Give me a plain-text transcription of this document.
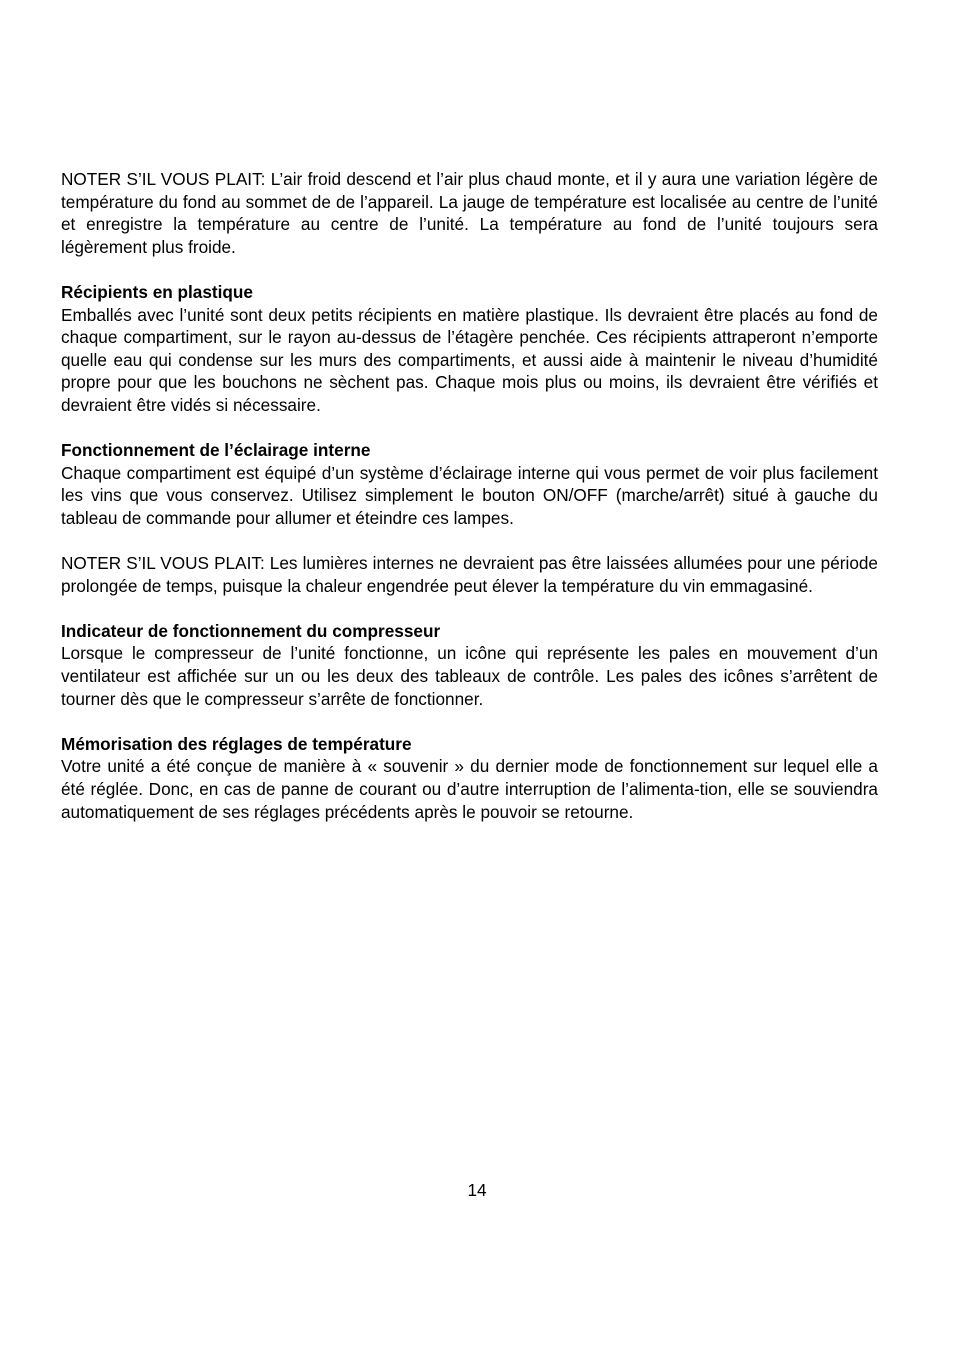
NOTER S’IL VOUS PLAIT: L’air froid descend et l’air plus chaud monte, et il y aura une variation légère de température du fond au sommet de de l’appareil. La jauge de température est localisée au centre de l’unité et enregistre la température au centre de l’unité. La température au fond de l’unité toujours sera légèrement plus froide.

Récipients en plastique

Emballés avec l’unité sont deux petits récipients en matière plastique. Ils devraient être placés au fond de chaque compartiment, sur le rayon au-dessus de l’étagère penchée. Ces récipients attraperont n’emporte quelle eau qui condense sur les murs des compartiments, et aussi aide à maintenir le niveau d’humidité propre pour que les bouchons ne sèchent pas. Chaque mois plus ou moins, ils devraient être vérifiés et devraient être vidés si nécessaire.

Fonctionnement de l’éclairage interne

Chaque compartiment est équipé d’un système d’éclairage interne qui vous permet de voir plus facilement les vins que vous conservez. Utilisez simplement le bouton ON/OFF (marche/arrêt) situé à gauche du tableau de commande pour allumer et éteindre ces lampes.

NOTER S’IL VOUS PLAIT: Les lumières internes ne devraient pas être laissées allumées pour une période prolongée de temps, puisque la chaleur engendrée peut élever la température du vin emmagasiné.

Indicateur de fonctionnement du compresseur

Lorsque le compresseur de l’unité fonctionne, un icône qui représente les pales en mouvement d’un ventilateur est affichée sur un ou les deux des tableaux de contrôle. Les pales des icônes s’arrêtent de tourner dès que le compresseur s’arrête de fonctionner.

Mémorisation des réglages de température

Votre unité a été conçue de manière à « souvenir » du dernier mode de fonctionnement sur lequel elle a été réglée. Donc, en cas de panne de courant ou d’autre interruption de l’alimenta-tion, elle se souviendra automatiquement de ses réglages précédents après le pouvoir se retourne.

14
